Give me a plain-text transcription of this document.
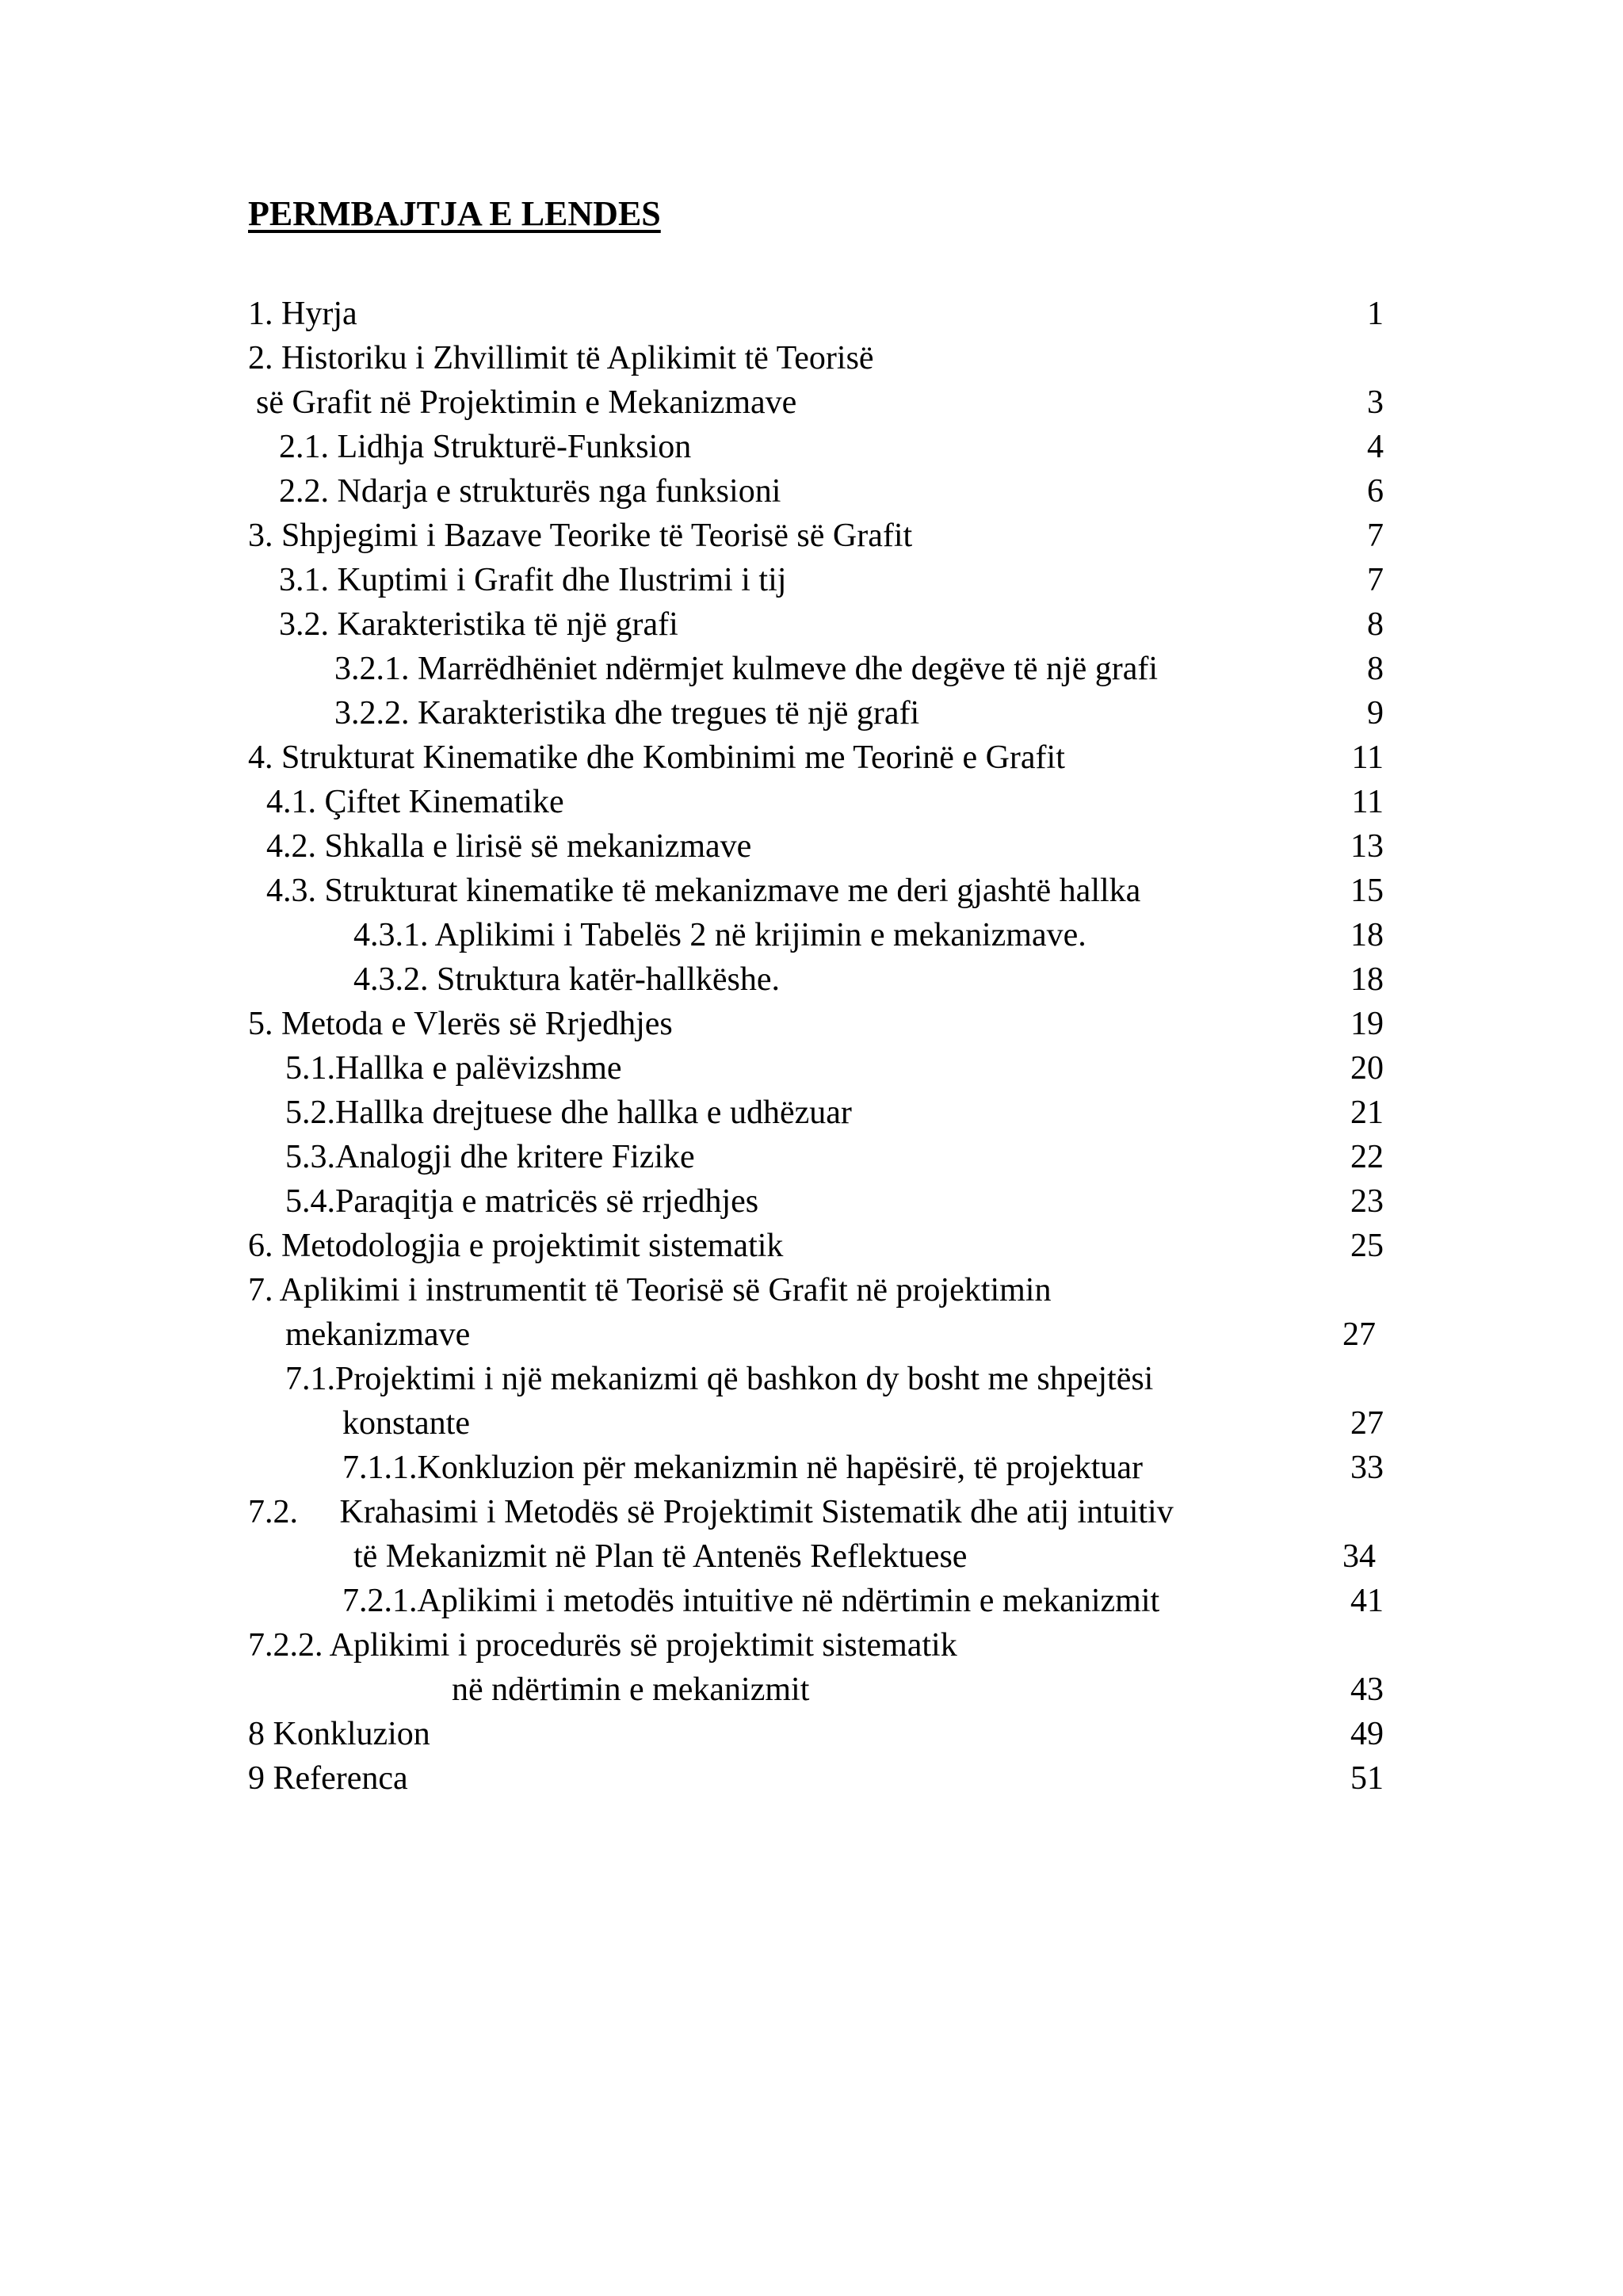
PERMBAJTJA E LENDES
1. Hyrja	1
2. Historiku i Zhvillimit të Aplikimit të Teorisë
së Grafit në Projektimin e Mekanizmave	3
2.1. Lidhja Strukturë-Funksion	4
2.2. Ndarja e strukturës nga funksioni	6
3. Shpjegimi i Bazave Teorike të Teorisë së Grafit	7
3.1. Kuptimi i Grafit dhe Ilustrimi i tij	7
3.2. Karakteristika të një grafi	8
3.2.1. Marrëdhëniet ndërmjet kulmeve dhe degëve të një grafi	8
3.2.2. Karakteristika dhe tregues të një grafi	9
4. Strukturat Kinematike dhe Kombinimi me Teorinë e Grafit	11
4.1. Çiftet Kinematike	11
4.2. Shkalla e lirisë së mekanizmave	13
4.3. Strukturat kinematike të mekanizmave me deri gjashtë hallka	15
4.3.1. Aplikimi i Tabelës 2 në krijimin e mekanizmave.	18
4.3.2. Struktura katër-hallkëshe.	18
5. Metoda e Vlerës së Rrjedhjes	19
5.1.Hallka e palëvizshme	20
5.2.Hallka drejtuese dhe hallka e udhëzuar	21
5.3.Analogji dhe kritere Fizike	22
5.4.Paraqitja e matricës së rrjedhjes	23
6. Metodologjia e projektimit sistematik	25
7. Aplikimi i instrumentit të Teorisë së Grafit në projektimin
mekanizmave	27
7.1.Projektimi i një mekanizmi që bashkon dy bosht me shpejtësi
konstante	27
7.1.1.Konkluzion për mekanizmin në hapësirë, të projektuar	33
7.2.     Krahasimi i Metodës së Projektimit Sistematik dhe atij intuitiv
të Mekanizmit në Plan të Antenës Reflektuese	34
7.2.1.Aplikimi i metodës intuitive në ndërtimin e mekanizmit	41
7.2.2. Aplikimi i procedurës së projektimit sistematik
në ndërtimin e mekanizmit	43
8 Konkluzion	49
9 Referenca	51
